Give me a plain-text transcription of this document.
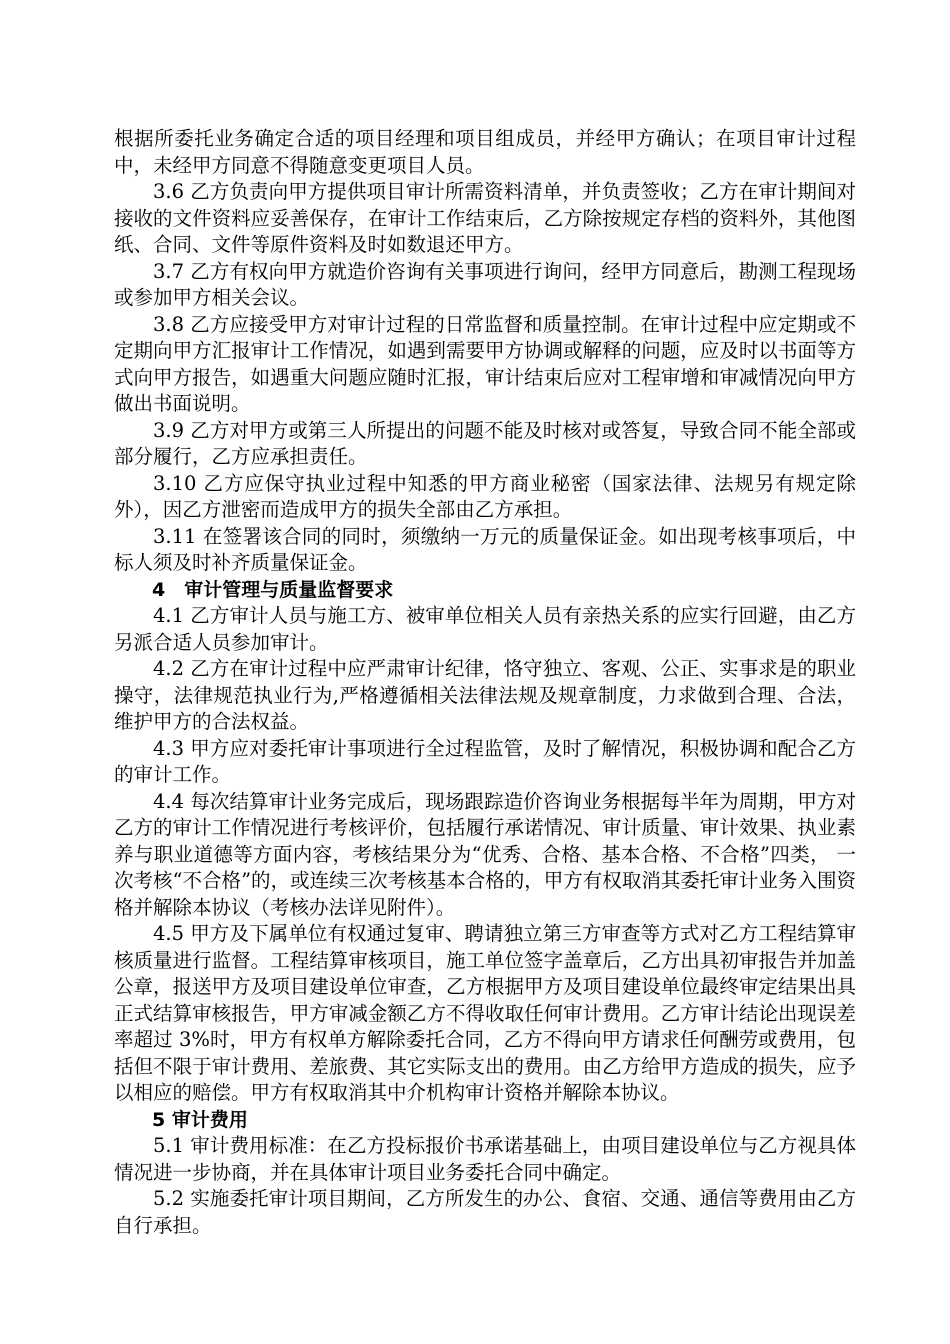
根据所委托业务确定合适的项目经理和项目组成员，并经甲方确认；在项目审计过程中，未经甲方同意不得随意变更项目人员。

3.6 乙方负责向甲方提供项目审计所需资料清单，并负责签收；乙方在审计期间对接收的文件资料应妥善保存，在审计工作结束后，乙方除按规定存档的资料外，其他图纸、合同、文件等原件资料及时如数退还甲方。

3.7 乙方有权向甲方就造价咨询有关事项进行询问，经甲方同意后，勘测工程现场或参加甲方相关会议。

3.8 乙方应接受甲方对审计过程的日常监督和质量控制。在审计过程中应定期或不定期向甲方汇报审计工作情况，如遇到需要甲方协调或解释的问题，应及时以书面等方式向甲方报告，如遇重大问题应随时汇报，审计结束后应对工程审增和审减情况向甲方做出书面说明。

3.9 乙方对甲方或第三人所提出的问题不能及时核对或答复，导致合同不能全部或部分履行，乙方应承担责任。

3.10 乙方应保守执业过程中知悉的甲方商业秘密（国家法律、法规另有规定除外），因乙方泄密而造成甲方的损失全部由乙方承担。

3.11 在签署该合同的同时，须缴纳一万元的质量保证金。如出现考核事项后，中标人须及时补齐质量保证金。

4　审计管理与质量监督要求

4.1 乙方审计人员与施工方、被审单位相关人员有亲热关系的应实行回避，由乙方另派合适人员参加审计。

4.2 乙方在审计过程中应严肃审计纪律，恪守独立、客观、公正、实事求是的职业操守，法律规范执业行为,严格遵循相关法律法规及规章制度，力求做到合理、合法，维护甲方的合法权益。

4.3 甲方应对委托审计事项进行全过程监管，及时了解情况，积极协调和配合乙方的审计工作。

4.4 每次结算审计业务完成后，现场跟踪造价咨询业务根据每半年为周期，甲方对乙方的审计工作情况进行考核评价，包括履行承诺情况、审计质量、审计效果、执业素养与职业道德等方面内容，考核结果分为“优秀、合格、基本合格、不合格”四类， 一次考核“不合格”的，或连续三次考核基本合格的，甲方有权取消其委托审计业务入围资格并解除本协议（考核办法详见附件）。

4.5 甲方及下属单位有权通过复审、聘请独立第三方审查等方式对乙方工程结算审核质量进行监督。工程结算审核项目，施工单位签字盖章后，乙方出具初审报告并加盖公章，报送甲方及项目建设单位审查，乙方根据甲方及项目建设单位最终审定结果出具正式结算审核报告，甲方审减金额乙方不得收取任何审计费用。乙方审计结论出现误差率超过 3%时，甲方有权单方解除委托合同，乙方不得向甲方请求任何酬劳或费用，包括但不限于审计费用、差旅费、其它实际支出的费用。由乙方给甲方造成的损失，应予以相应的赔偿。甲方有权取消其中介机构审计资格并解除本协议。

5 审计费用

5.1 审计费用标准：在乙方投标报价书承诺基础上，由项目建设单位与乙方视具体情况进一步协商，并在具体审计项目业务委托合同中确定。

5.2 实施委托审计项目期间，乙方所发生的办公、食宿、交通、通信等费用由乙方自行承担。
